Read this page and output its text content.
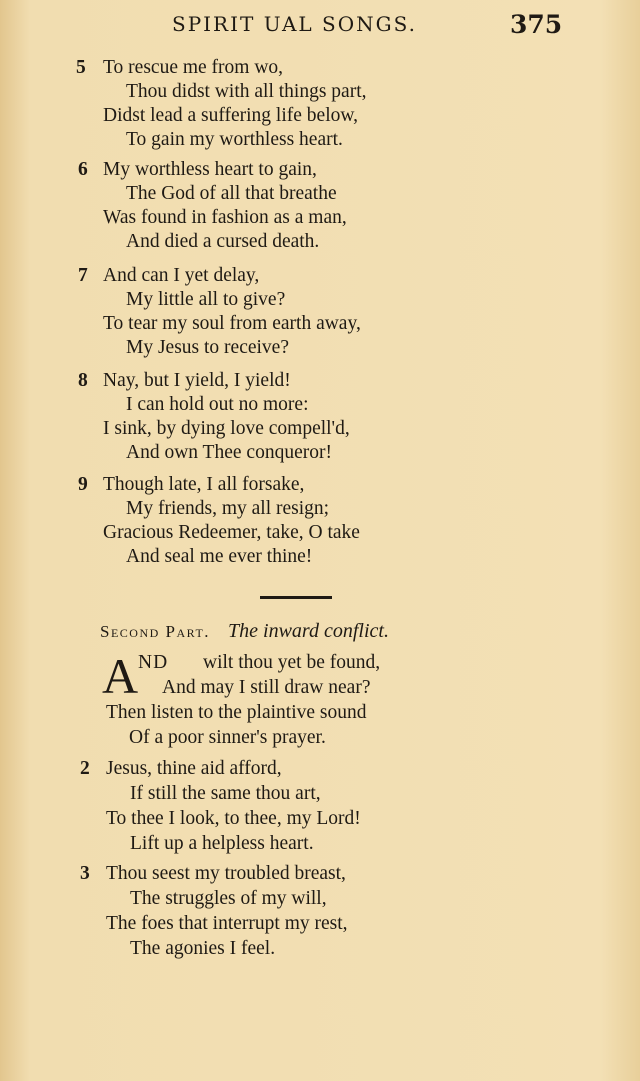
SPIRIT UAL SONGS.	375
5 To rescue me from wo,
Thou didst with all things part,
Didst lead a suffering life below,
To gain my worthless heart.
6 My worthless heart to gain,
The God of all that breathe
Was found in fashion as a man,
And died a cursed death.
7 And can I yet delay,
My little all to give?
To tear my soul from earth away,
My Jesus to receive?
8 Nay, but I yield, I yield!
I can hold out no more:
I sink, by dying love compell'd,
And own Thee conqueror!
9 Though late, I all forsake,
My friends, my all resign;
Gracious Redeemer, take, O take
And seal me ever thine!
Second Part. The inward conflict.
A ND wilt thou yet be found,
And may I still draw near?
Then listen to the plaintive sound
Of a poor sinner's prayer.
2 Jesus, thine aid afford,
If still the same thou art,
To thee I look, to thee, my Lord!
Lift up a helpless heart.
3 Thou seest my troubled breast,
The struggles of my will,
The foes that interrupt my rest,
The agonies I feel.
